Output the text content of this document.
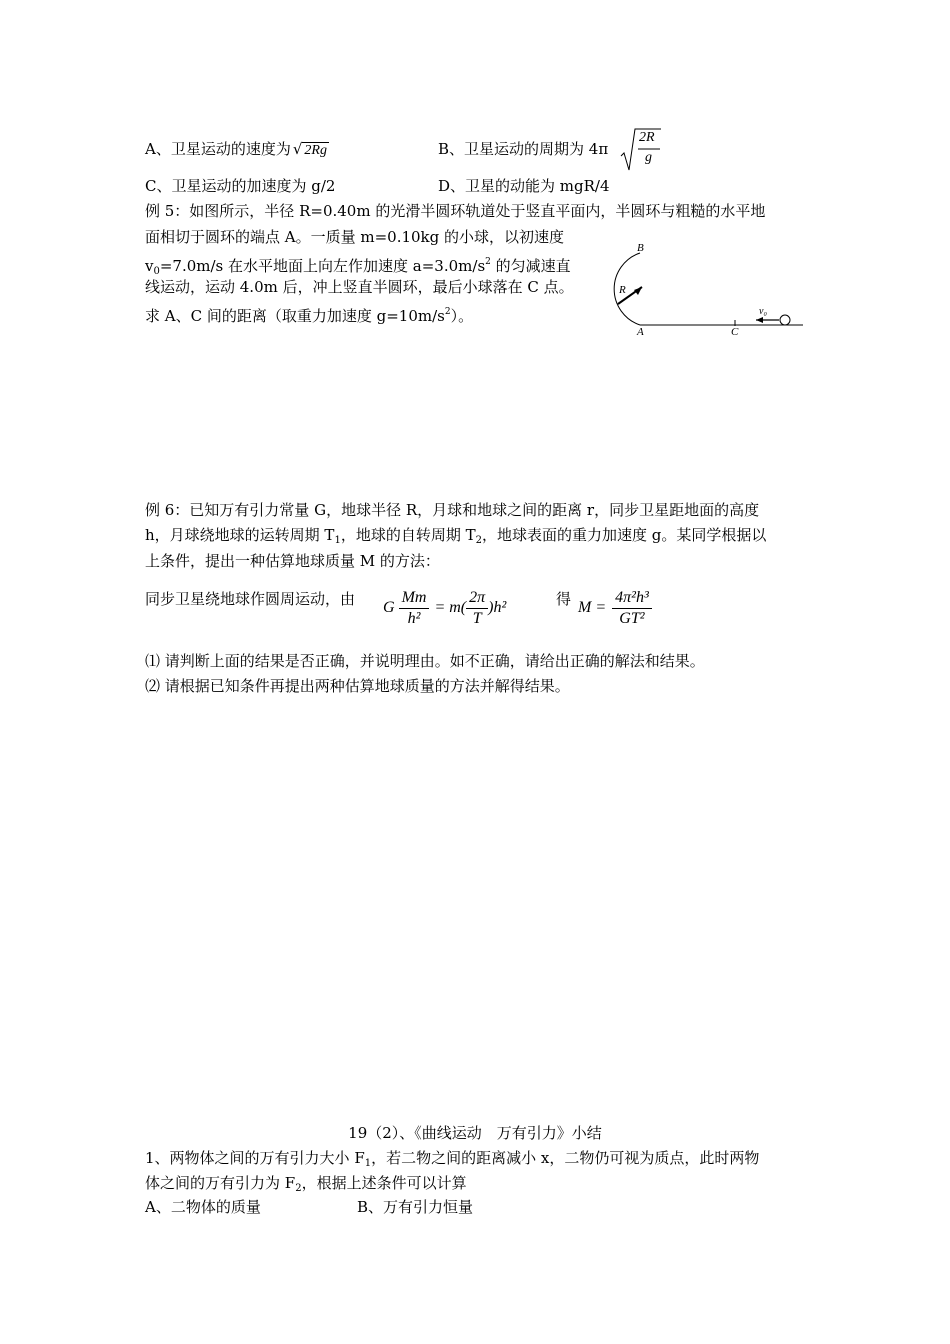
A、卫星运动的速度为 √ 2Rg	B、卫星运动的周期为 4π
2R
g
C、卫星运动的加速度为 g/2	D、卫星的动能为 mgR/4
例 5：如图所示，半径 R=0.40m 的光滑半圆环轨道处于竖直平面内，半圆环与粗糙的水平地
面相切于圆环的端点 A。一质量 m=0.10kg 的小球，以初速度
$v_0=7.0m/s$ 在水平地面上向左作加速度 $a=3.0m/s^2$ 的匀减速直
线运动，运动 4.0m 后，冲上竖直半圆环，最后小球落在 C 点。
求 A、C 间的距离（取重力加速度 $g=10m/s^2$）。
B
R
A	C
v₀
例 6：已知万有引力常量 G，地球半径 R，月球和地球之间的距离 r，同步卫星距地面的高度
h，月球绕地球的运转周期 $T_1$，地球的自转周期 $T_2$，地球表面的重力加速度 g。某同学根据以
上条件，提出一种估算地球质量 M 的方法：
同步卫星绕地球作圆周运动，由 G $\frac{Mm}{\text{h²}} = m( \frac{2\pi}{T} )h^2$	得 $M = \frac{\text{4π²h³}}{\text{GT²}}$
⑴ 请判断上面的结果是否正确，并说明理由。如不正确，请给出正确的解法和结果。
⑵ 请根据已知条件再提出两种估算地球质量的方法并解得结果。
19（2）、《曲线运动　万有引力》小结
1、两物体之间的万有引力大小 $F_1$，若二物之间的距离减小 x，二物仍可视为质点，此时两物
体之间的万有引力为 $F_2$，根据上述条件可以计算
A、二物体的质量	B、万有引力恒量
